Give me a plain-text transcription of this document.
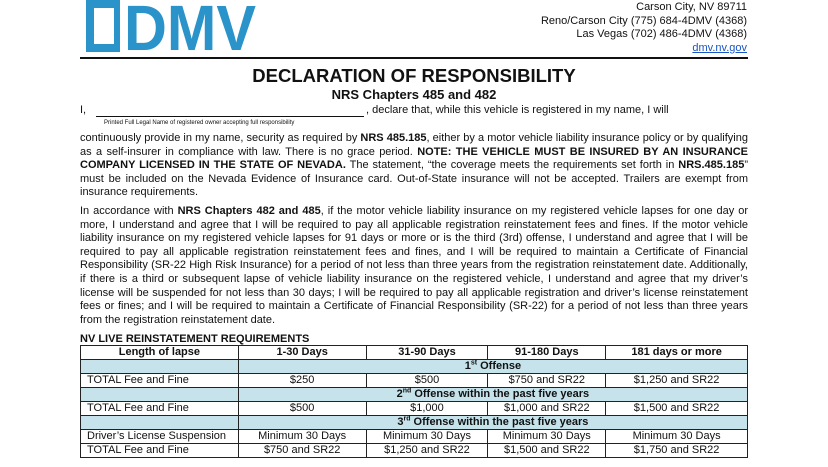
DMV	Carson City, NV 89711
Reno/Carson City (775) 684-4DMV (4368)
Las Vegas (702) 486-4DMV (4368)
dmv.nv.gov
DECLARATION OF RESPONSIBILITY
NRS Chapters 485 and 482
I,
Printed Full Legal Name of registered owner accepting full responsibility
, declare that, while this vehicle is registered in my name, I will
continuously provide in my name, security as required by NRS 485.185, either by a motor vehicle liability insurance policy or by qualifying as a self-insurer in compliance with law. There is no grace period. NOTE: THE VEHICLE MUST BE INSURED BY AN INSURANCE COMPANY LICENSED IN THE STATE OF NEVADA. The statement, “the coverage meets the requirements set forth in NRS.485.185” must be included on the Nevada Evidence of Insurance card. Out-of-State insurance will not be accepted. Trailers are exempt from insurance requirements.
In accordance with NRS Chapters 482 and 485, if the motor vehicle liability insurance on my registered vehicle lapses for one day or more, I understand and agree that I will be required to pay all applicable registration reinstatement fees and fines. If the motor vehicle liability insurance on my registered vehicle lapses for 91 days or more or is the third (3rd) offense, I understand and agree that I will be required to pay all applicable registration reinstatement fees and fines, and I will be required to maintain a Certificate of Financial Responsibility (SR-22 High Risk Insurance) for a period of not less than three years from the registration reinstatement date. Additionally, if there is a third or subsequent lapse of vehicle liability insurance on the registered vehicle, I understand and agree that my driver’s license will be suspended for not less than 30 days; I will be required to pay all applicable registration and driver’s license reinstatement fees or fines; and I will be required to maintain a Certificate of Financial Responsibility (SR-22) for a period of not less than three years from the registration reinstatement date.
NV LIVE REINSTATEMENT REQUIREMENTS
Length of lapse	1-30 Days	31-90 Days	91-180 Days	181 days or more
	1st Offense			
TOTAL Fee and Fine	$250	$500	$750 and SR22	$1,250 and SR22
	2nd Offense within the past five years			
TOTAL Fee and Fine	$500	$1,000	$1,000 and SR22	$1,500 and SR22
	3rd Offense within the past five years			
Driver’s License Suspension	Minimum 30 Days	Minimum 30 Days	Minimum 30 Days	Minimum 30 Days
TOTAL Fee and Fine	$750 and SR22	$1,250 and SR22	$1,500 and SR22	$1,750 and SR22
